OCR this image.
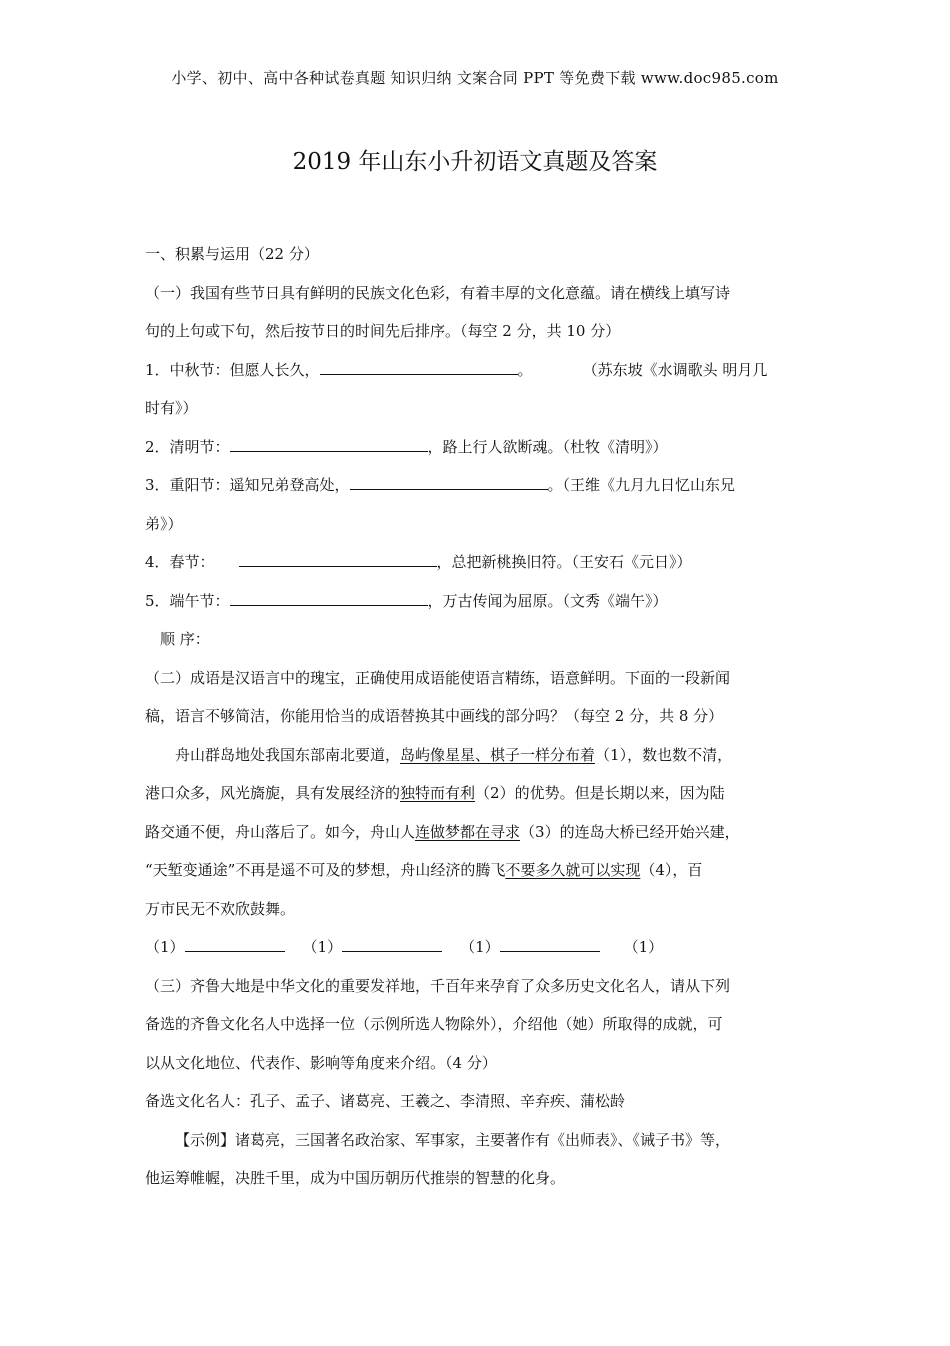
小学、初中、高中各种试卷真题 知识归纳 文案合同 PPT 等免费下载 www.doc985.com
2019 年山东小升初语文真题及答案
一、积累与运用（22 分）
（一）我国有些节日具有鲜明的民族文化色彩，有着丰厚的文化意蕴。请在横线上填写诗
句的上句或下句，然后按节日的时间先后排序。（每空 2 分，共 10 分）
1．中秋节：但愿人长久，	。	（苏东坡《水调歌头 明月几
时有》）
2．清明节：	，路上行人欲断魂。（杜牧《清明》）
3．重阳节：遥知兄弟登高处，	。（王维《九月九日忆山东兄
弟》）
4．春节：	，总把新桃换旧符。（王安石《元日》）
5．端午节：	，万古传闻为屈原。（文秀《端午》）
顺 序：
（二）成语是汉语言中的瑰宝，正确使用成语能使语言精练，语意鲜明。下面的一段新闻
稿，语言不够简洁，你能用恰当的成语替换其中画线的部分吗？（每空 2 分，共 8 分）
舟山群岛地处我国东部南北要道，岛屿像星星、棋子一样分布着（1），数也数不清，
港口众多，风光旖旎，具有发展经济的独特而有利（2）的优势。但是长期以来，因为陆
路交通不便，舟山落后了。如今，舟山人连做梦都在寻求（3）的连岛大桥已经开始兴建，
“天堑变通途”不再是遥不可及的梦想，舟山经济的腾飞不要多久就可以实现（4），百
万市民无不欢欣鼓舞。
（1）	（1）	（1）	（1）
（三）齐鲁大地是中华文化的重要发祥地，千百年来孕育了众多历史文化名人，请从下列
备选的齐鲁文化名人中选择一位（示例所选人物除外），介绍他（她）所取得的成就，可
以从文化地位、代表作、影响等角度来介绍。（4 分）
备选文化名人：孔子、孟子、诸葛亮、王羲之、李清照、辛弃疾、蒲松龄
【示例】诸葛亮，三国著名政治家、军事家，主要著作有《出师表》、《诫子书》等，
他运筹帷幄，决胜千里，成为中国历朝历代推崇的智慧的化身。
